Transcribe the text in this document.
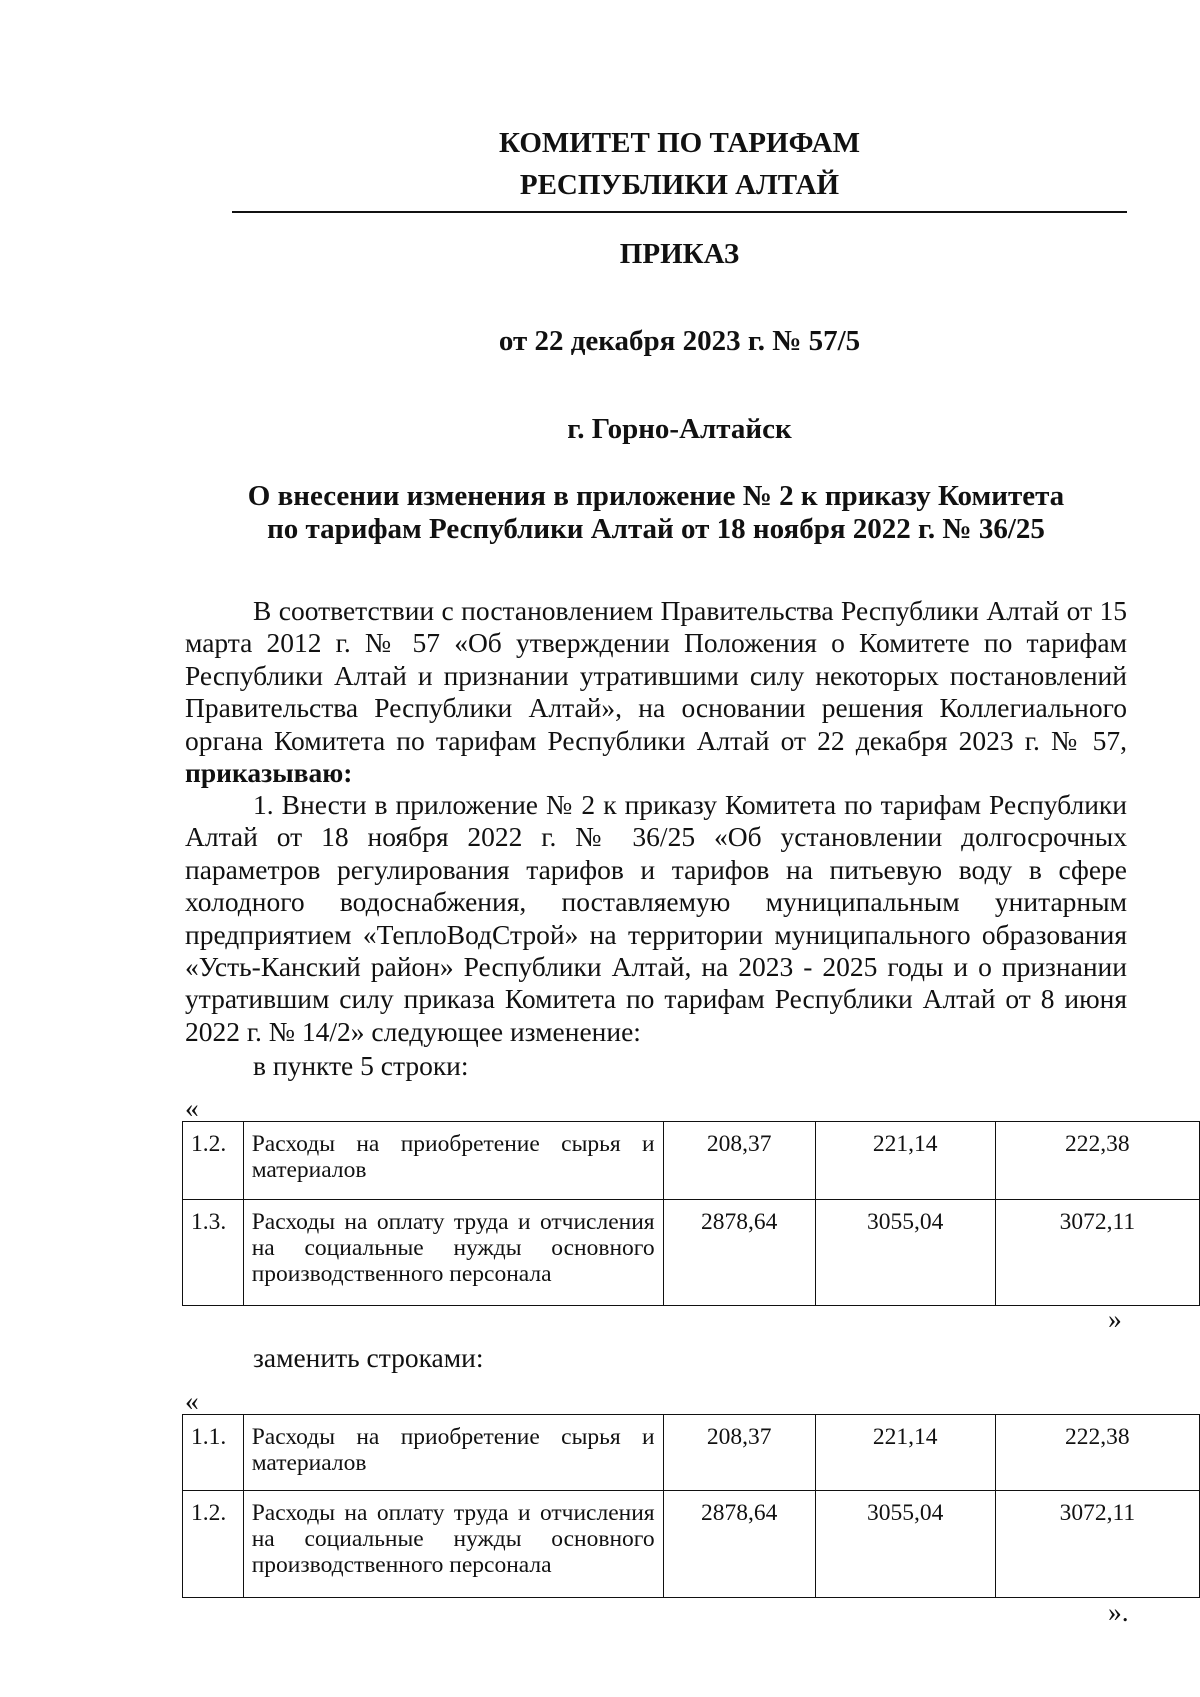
КОМИТЕТ ПО ТАРИФАМ
РЕСПУБЛИКИ АЛТАЙ
ПРИКАЗ
от 22 декабря 2023 г. № 57/5
г. Горно-Алтайск
О внесении изменения в приложение № 2 к приказу Комитета
по тарифам Республики Алтай от 18 ноября 2022 г. № 36/25
В соответствии с постановлением Правительства Республики Алтай от 15 марта 2012 г. № 57 «Об утверждении Положения о Комитете по тарифам Республики Алтай и признании утратившими силу некоторых постановлений Правительства Республики Алтай», на основании решения Коллегиального органа Комитета по тарифам Республики Алтай от 22 декабря 2023 г. № 57, приказываю:
1. Внести в приложение № 2 к приказу Комитета по тарифам Республики Алтай от 18 ноября 2022 г. № 36/25 «Об установлении долгосрочных параметров регулирования тарифов и тарифов на питьевую воду в сфере холодного водоснабжения, поставляемую муниципальным унитарным предприятием «ТеплоВодСтрой» на территории муниципального образования «Усть-Канский район» Республики Алтай, на 2023 - 2025 годы и о признании утратившим силу приказа Комитета по тарифам Республики Алтай от 8 июня 2022 г. № 14/2» следующее изменение:
в пункте 5 строки:
«
1.2.	Расходы на приобретение сырья и материалов	208,37	221,14	222,38
1.3.	Расходы на оплату труда и отчисления на социальные нужды основного производственного персонала	2878,64	3055,04	3072,11
»
заменить строками:
«
1.1.	Расходы на приобретение сырья и материалов	208,37	221,14	222,38
1.2.	Расходы на оплату труда и отчисления на социальные нужды основного производственного персонала	2878,64	3055,04	3072,11
».
